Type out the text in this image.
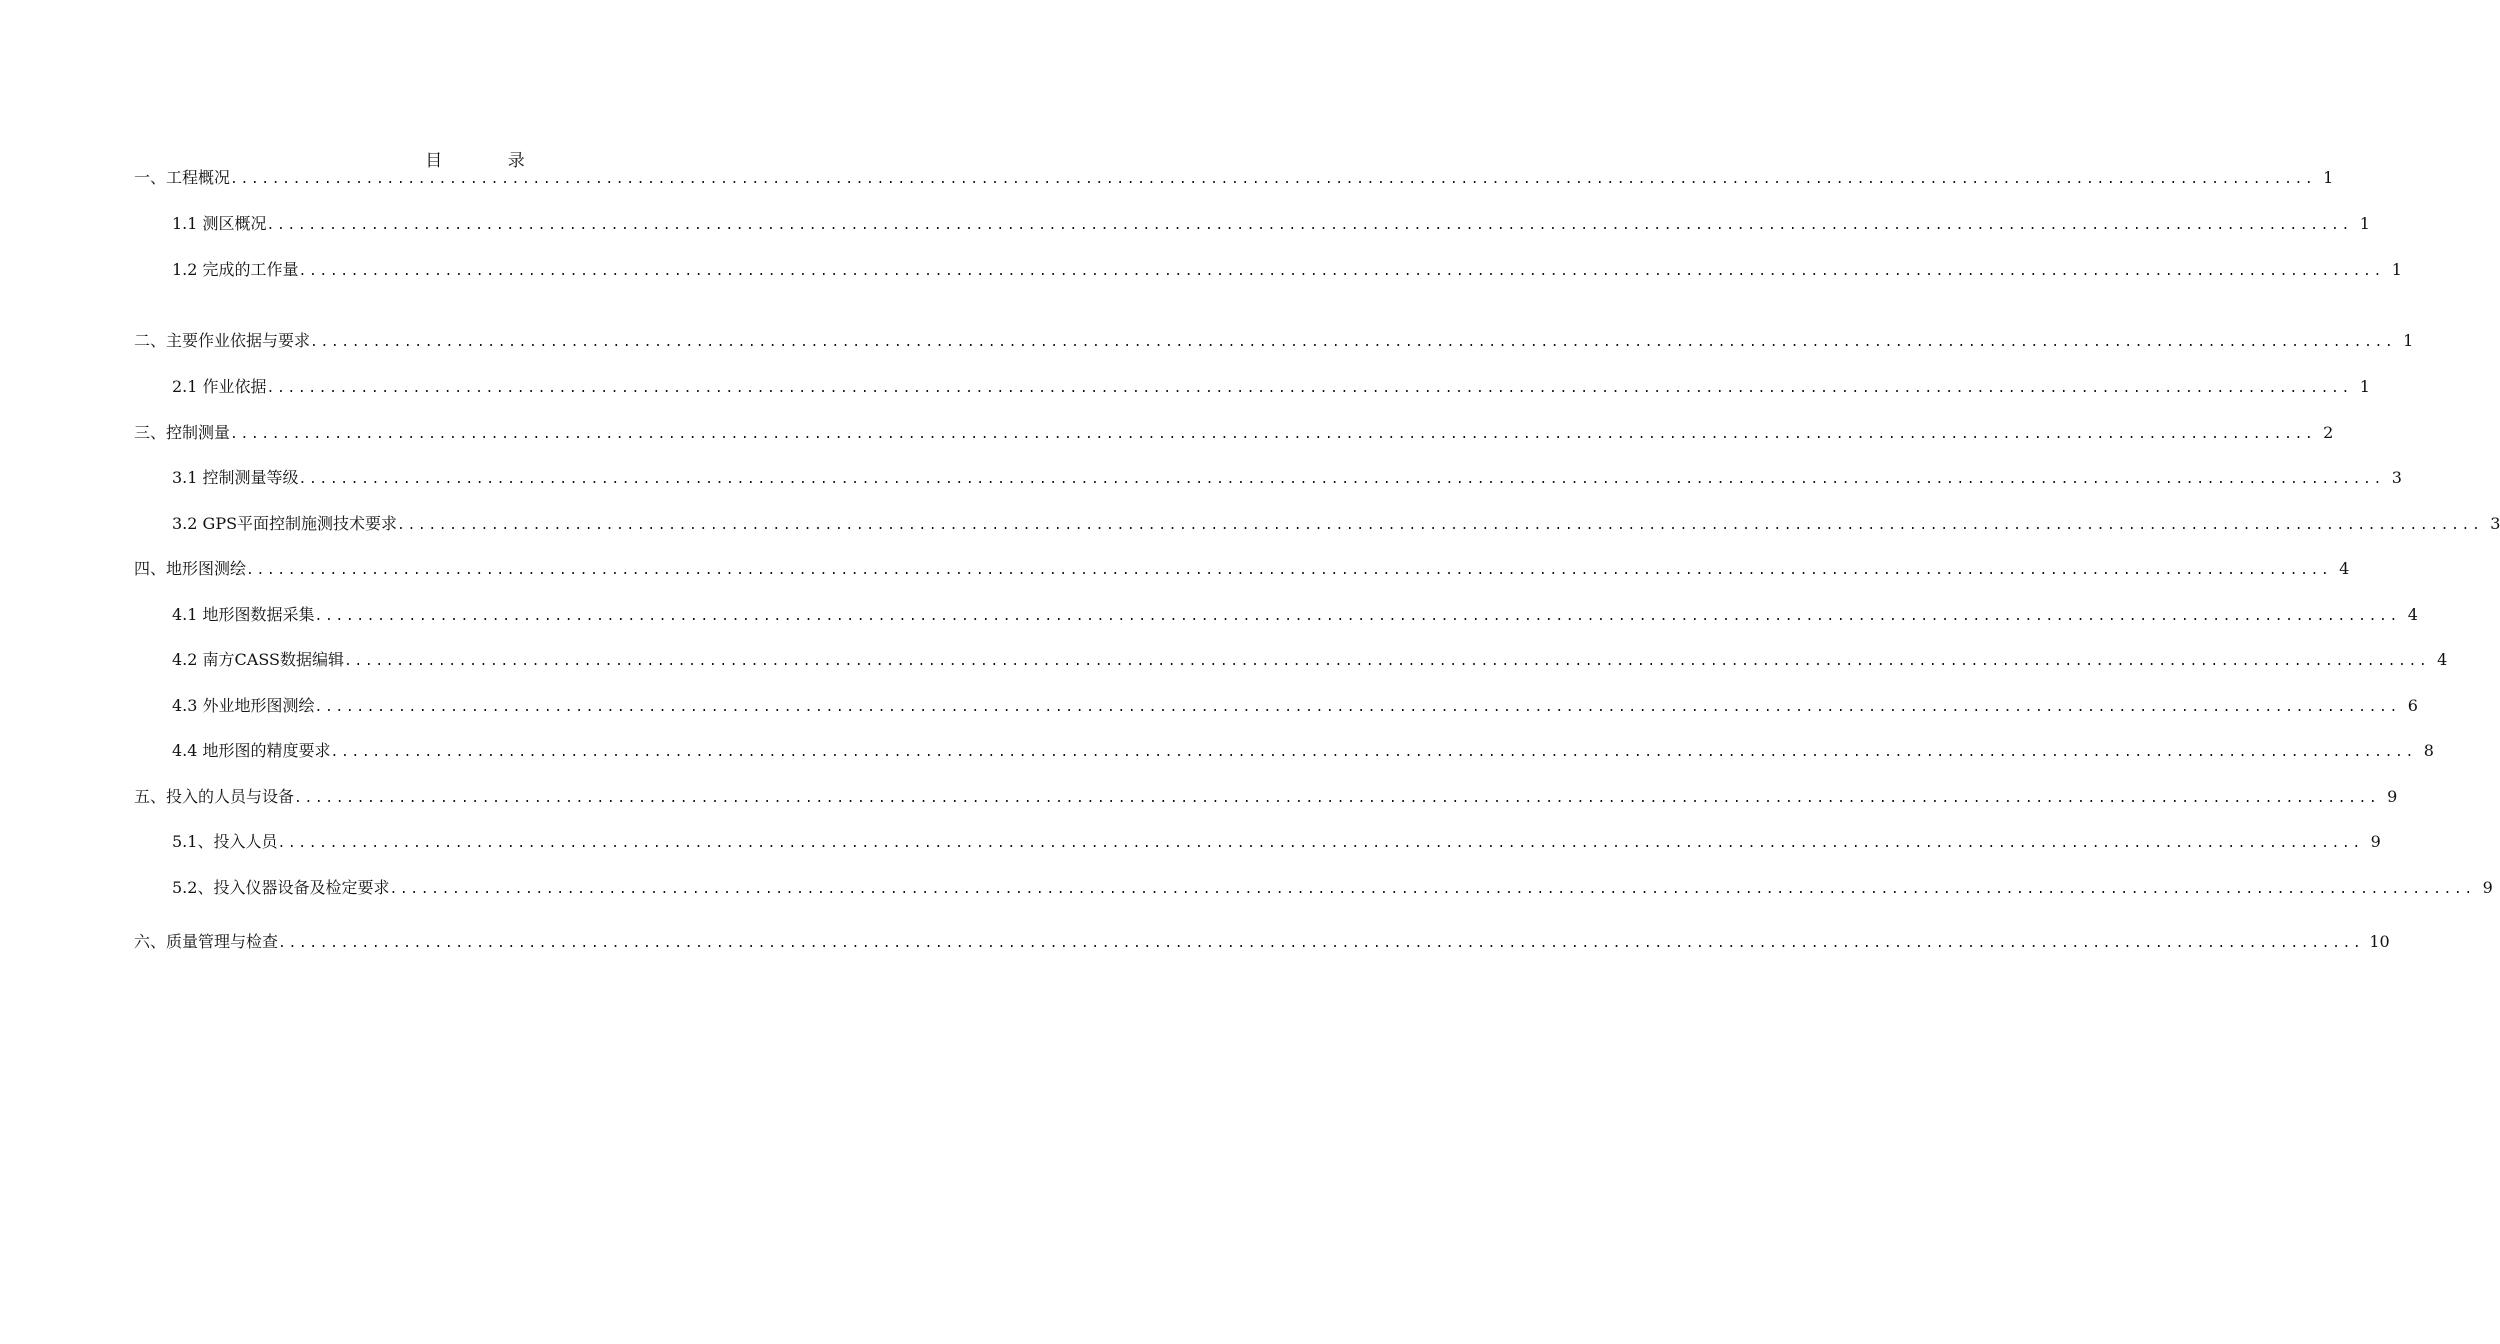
目 录
一、工程概况 ........................................................................................................................................................................................................ 1
1.1 测区概况 ........................................................................................................................................................................................................ 1
1.2 完成的工作量 ........................................................................................................................................................................................................ 1
二、主要作业依据与要求 ........................................................................................................................................................................................................ 1
2.1 作业依据 ........................................................................................................................................................................................................ 1
三、控制测量 ........................................................................................................................................................................................................ 2
3.1 控制测量等级 ........................................................................................................................................................................................................ 3
3.2 GPS平面控制施测技术要求 ........................................................................................................................................................................................................ 3
四、地形图测绘 ........................................................................................................................................................................................................ 4
4.1 地形图数据采集 ........................................................................................................................................................................................................ 4
4.2 南方CASS数据编辑 ........................................................................................................................................................................................................ 4
4.3 外业地形图测绘 ........................................................................................................................................................................................................ 6
4.4 地形图的精度要求 ........................................................................................................................................................................................................ 8
五、投入的人员与设备 ........................................................................................................................................................................................................ 9
5.1、投入人员 ........................................................................................................................................................................................................ 9
5.2、投入仪器设备及检定要求 ........................................................................................................................................................................................................ 9
六、质量管理与检查 ........................................................................................................................................................................................................ 10
